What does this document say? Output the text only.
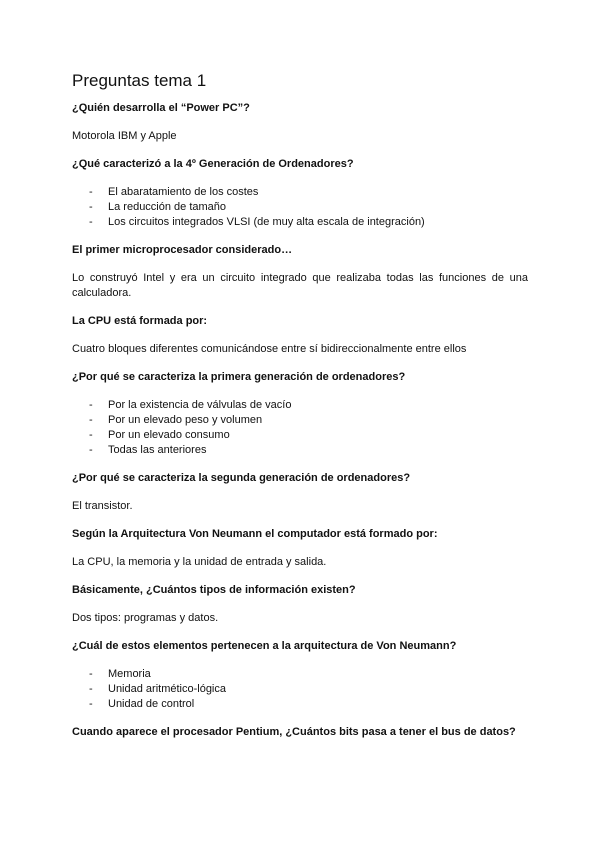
Preguntas tema 1

¿Quién desarrolla el “Power PC”?

Motorola IBM y Apple

¿Qué caracterizó a la 4º Generación de Ordenadores?

- El abaratamiento de los costes
- La reducción de tamaño
- Los circuitos integrados VLSI (de muy alta escala de integración)

El primer microprocesador considerado…

Lo construyó Intel y era un circuito integrado que realizaba todas las funciones de una calculadora.

La CPU está formada por:

Cuatro bloques diferentes comunicándose entre sí bidireccionalmente entre ellos

¿Por qué se caracteriza la primera generación de ordenadores?

- Por la existencia de válvulas de vacío
- Por un elevado peso y volumen
- Por un elevado consumo
- Todas las anteriores

¿Por qué se caracteriza la segunda generación de ordenadores?

El transistor.

Según la Arquitectura Von Neumann el computador está formado por:

La CPU, la memoria y la unidad de entrada y salida.

Básicamente, ¿Cuántos tipos de información existen?

Dos tipos: programas y datos.

¿Cuál de estos elementos pertenecen a la arquitectura de Von Neumann?

- Memoria
- Unidad aritmético-lógica
- Unidad de control

Cuando aparece el procesador Pentium, ¿Cuántos bits pasa a tener el bus de datos?
